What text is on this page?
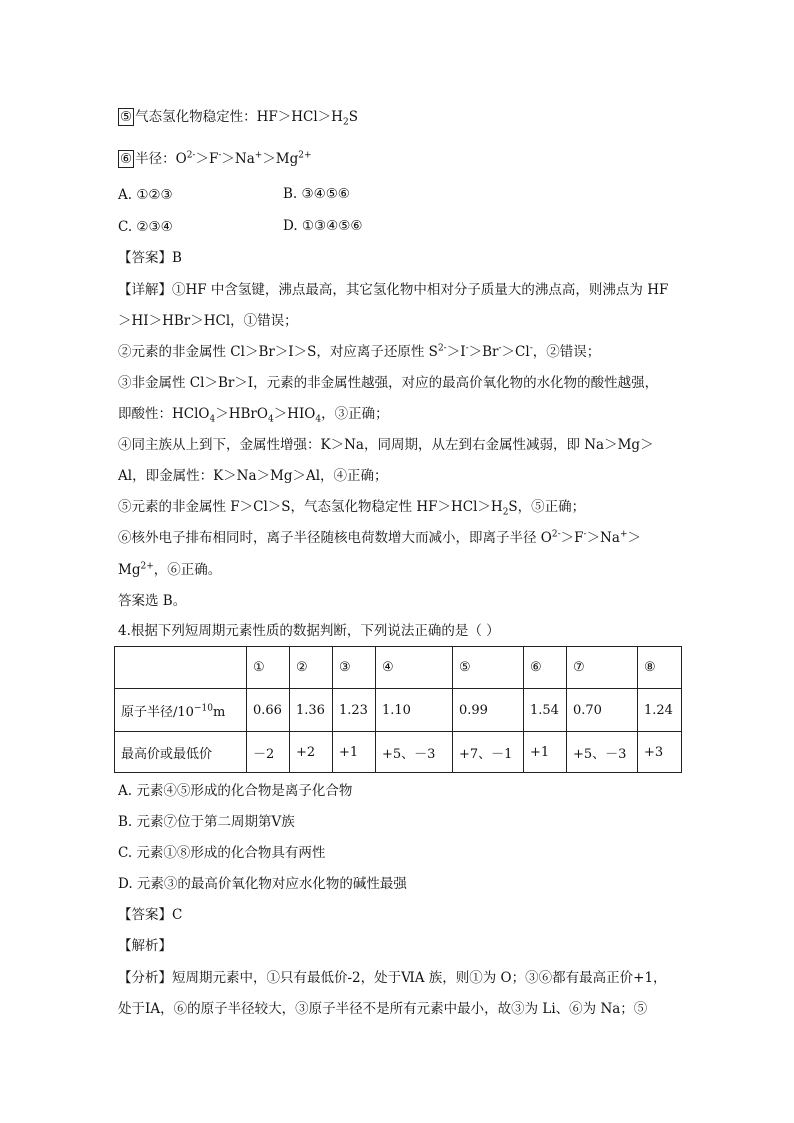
⑤ 气态氢化物稳定性：$HF>HCl>H_2S$
⑥ 半径：$O^{2-}>F^->Na^+>Mg^{2+}$
A. ①②③	B. ③④⑤⑥
C. ②③④	D. ①③④⑤⑥
【答案】B
【详解】①HF 中含氢键，沸点最高，其它氢化物中相对分子质量大的沸点高，则沸点为 HF
＞HI＞HBr＞HCl，①错误；
②元素的非金属性 Cl＞Br＞I＞S，对应离子还原性 $S^{2-}>I^->Br^->Cl^-$，②错误；
③非金属性 Cl＞Br＞I，元素的非金属性越强，对应的最高价氧化物的水化物的酸性越强，
即酸性：$HClO_4>HBrO_4>HIO_4$，③正确；
④同主族从上到下，金属性增强：K＞Na，同周期，从左到右金属性减弱，即 Na＞Mg＞
Al，即金属性：K＞Na＞Mg＞Al，④正确；
⑤元素的非金属性 F＞Cl＞S，气态氢化物稳定性 $HF>HCl>H_2S$，⑤正确；
⑥核外电子排布相同时，离子半径随核电荷数增大而减小，即离子半径 $O^{2-}>F^->Na^+>$
$Mg^{2+}$，⑥正确。
答案选 B。
4.根据下列短周期元素性质的数据判断，下列说法正确的是（ ）
	①	②	③	④	⑤	⑥	⑦	⑧
原子半径$/10^{-10}m$	0.66	1.36	1.23	1.10	0.99	1.54	0.70	1.24
最高价或最低价	－2	+2	+1	+5、－3	+7、－1	+1	+5、－3	+3
A. 元素④⑤形成的化合物是离子化合物
B. 元素⑦位于第二周期第Ⅴ族
C. 元素①⑧形成的化合物具有两性
D. 元素③的最高价氧化物对应水化物的碱性最强
【答案】C
【解析】
【分析】短周期元素中，①只有最低价-2，处于ⅥA 族，则①为 O；③⑥都有最高正价+1，
处于ⅠA，⑥的原子半径较大，③原子半径不是所有元素中最小，故③为 Li、⑥为 Na；⑤
